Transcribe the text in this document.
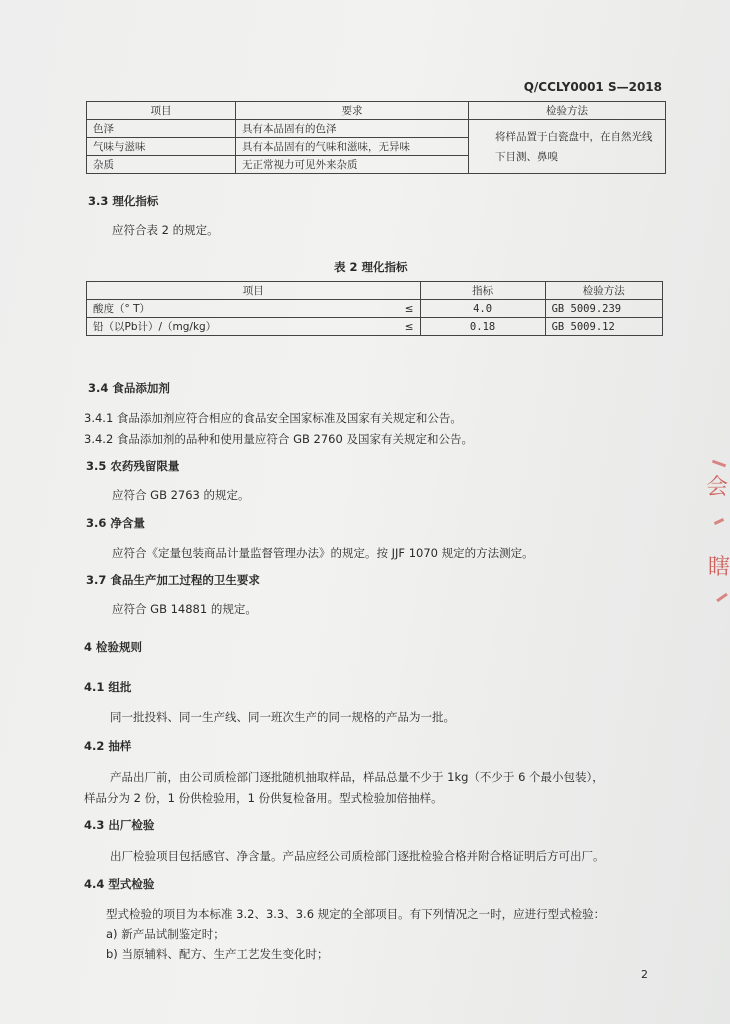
Q/CCLY0001 S—2018
项目	要求	检验方法
色泽	具有本品固有的色泽	将样品置于白瓷盘中，在自然光线下目测、鼻嗅
气味与滋味	具有本品固有的气味和滋味，无异味	
杂质	无正常视力可见外来杂质	
3.3 理化指标
应符合表 2 的规定。
表 2 理化指标
项目		指标	检验方法
酸度（° T）	≤	4.0	GB 5009.239
铅（以Pb计）/（mg/kg）	≤	0.18	GB 5009.12
3.4 食品添加剂
3.4.1 食品添加剂应符合相应的食品安全国家标准及国家有关规定和公告。
3.4.2 食品添加剂的品种和使用量应符合 GB 2760 及国家有关规定和公告。
3.5 农药残留限量
应符合 GB 2763 的规定。
3.6 净含量
应符合《定量包装商品计量监督管理办法》的规定。按 JJF 1070 规定的方法测定。
3.7 食品生产加工过程的卫生要求
应符合 GB 14881 的规定。
4 检验规则
4.1 组批
同一批投料、同一生产线、同一班次生产的同一规格的产品为一批。
4.2 抽样
产品出厂前，由公司质检部门逐批随机抽取样品，样品总量不少于 1kg（不少于 6 个最小包装），
样品分为 2 份，1 份供检验用，1 份供复检备用。型式检验加倍抽样。
4.3 出厂检验
出厂检验项目包括感官、净含量。产品应经公司质检部门逐批检验合格并附合格证明后方可出厂。
4.4 型式检验
型式检验的项目为本标准 3.2、3.3、3.6 规定的全部项目。有下列情况之一时，应进行型式检验：
a) 新产品试制鉴定时；
b) 当原辅料、配方、生产工艺发生变化时；
会
瞎
2
